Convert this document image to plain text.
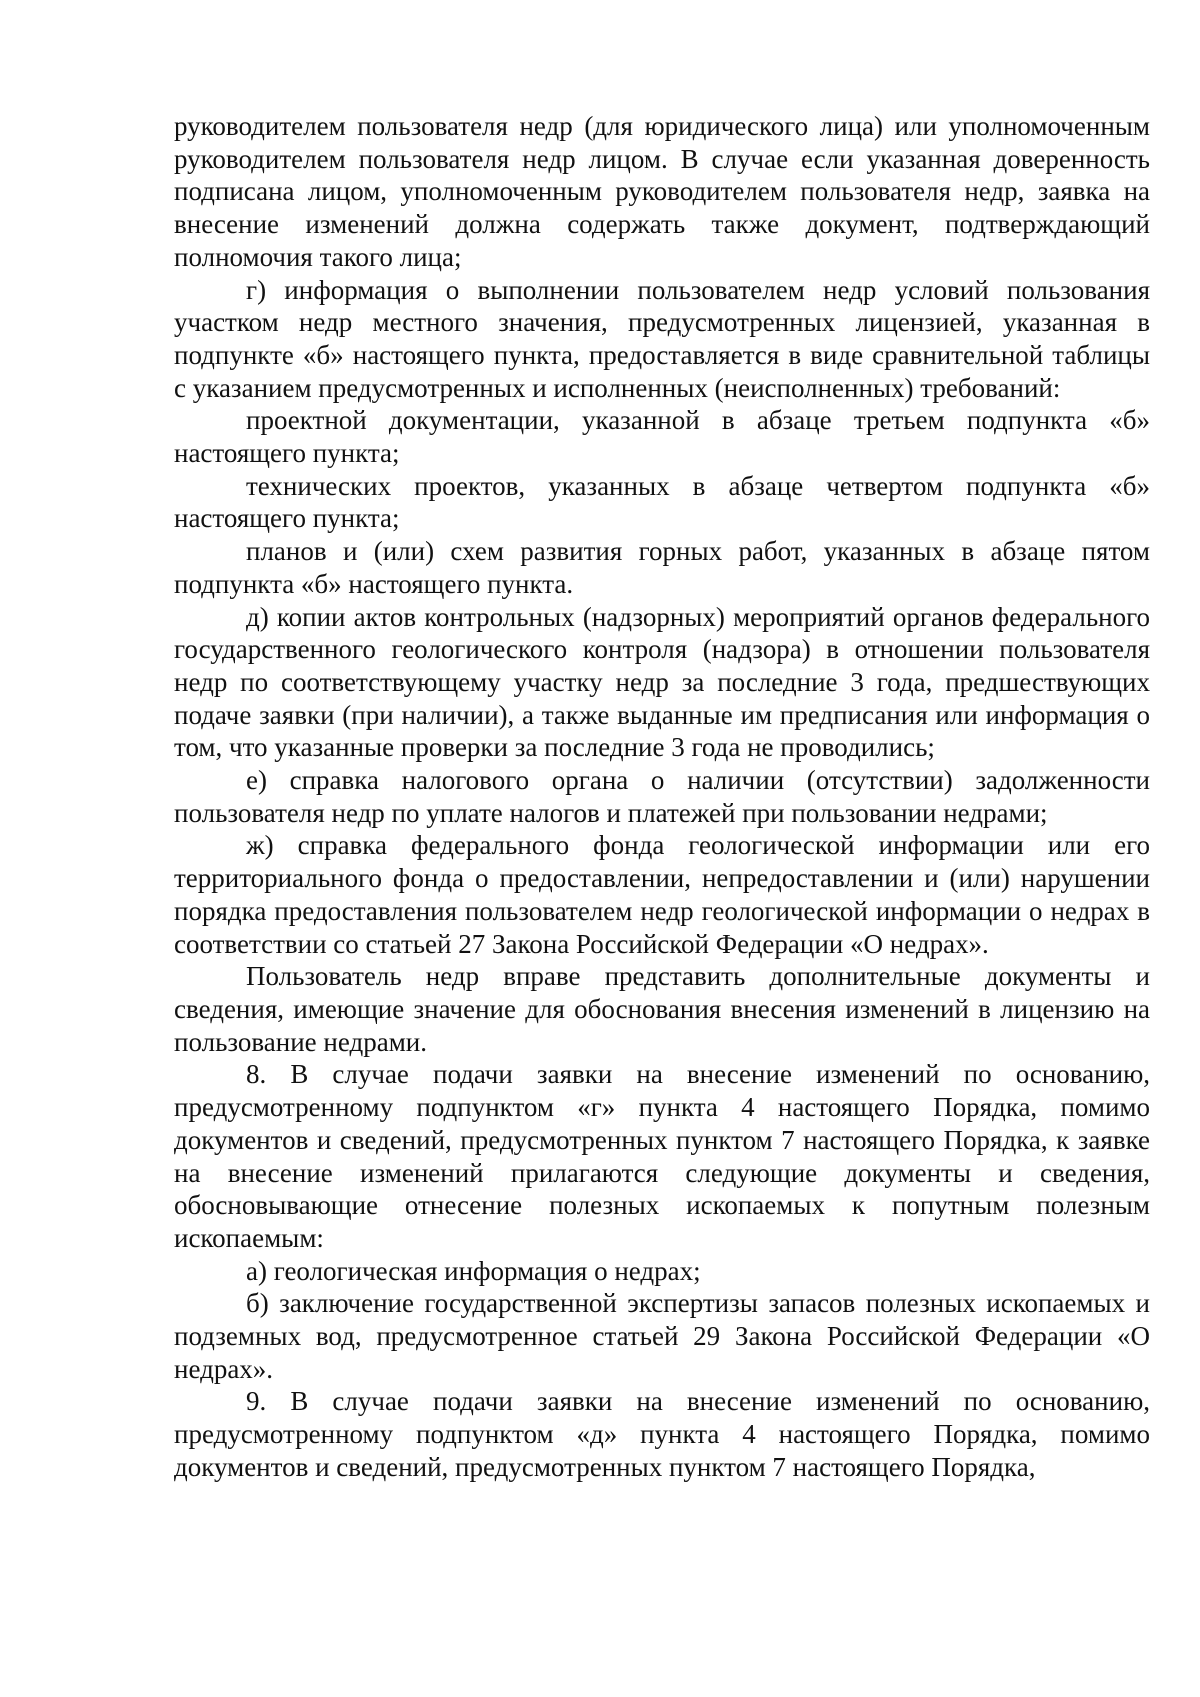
руководителем пользователя недр (для юридического лица) или уполномоченным руководителем пользователя недр лицом. В случае если указанная доверенность подписана лицом, уполномоченным руководителем пользователя недр, заявка на внесение изменений должна содержать также документ, подтверждающий полномочия такого лица;

г) информация о выполнении пользователем недр условий пользования участком недр местного значения, предусмотренных лицензией, указанная в подпункте «б» настоящего пункта, предоставляется в виде сравнительной таблицы с указанием предусмотренных и исполненных (неисполненных) требований:

проектной документации, указанной в абзаце третьем подпункта «б» настоящего пункта;

технических проектов, указанных в абзаце четвертом подпункта «б» настоящего пункта;

планов и (или) схем развития горных работ, указанных в абзаце пятом подпункта «б» настоящего пункта.

д) копии актов контрольных (надзорных) мероприятий органов федерального государственного геологического контроля (надзора) в отношении пользователя недр по соответствующему участку недр за последние 3 года, предшествующих подаче заявки (при наличии), а также выданные им предписания или информация о том, что указанные проверки за последние 3 года не проводились;

е) справка налогового органа о наличии (отсутствии) задолженности пользователя недр по уплате налогов и платежей при пользовании недрами;

ж) справка федерального фонда геологической информации или его территориального фонда о предоставлении, непредоставлении и (или) нарушении порядка предоставления пользователем недр геологической информации о недрах в соответствии со статьей 27 Закона Российской Федерации «О недрах».

Пользователь недр вправе представить дополнительные документы и сведения, имеющие значение для обоснования внесения изменений в лицензию на пользование недрами.

8. В случае подачи заявки на внесение изменений по основанию, предусмотренному подпунктом «г» пункта 4 настоящего Порядка, помимо документов и сведений, предусмотренных пунктом 7 настоящего Порядка, к заявке на внесение изменений прилагаются следующие документы и сведения, обосновывающие отнесение полезных ископаемых к попутным полезным ископаемым:

а) геологическая информация о недрах;

б) заключение государственной экспертизы запасов полезных ископаемых и подземных вод, предусмотренное статьей 29 Закона Российской Федерации «О недрах».

9. В случае подачи заявки на внесение изменений по основанию, предусмотренному подпунктом «д» пункта 4 настоящего Порядка, помимо документов и сведений, предусмотренных пунктом 7 настоящего Порядка,
